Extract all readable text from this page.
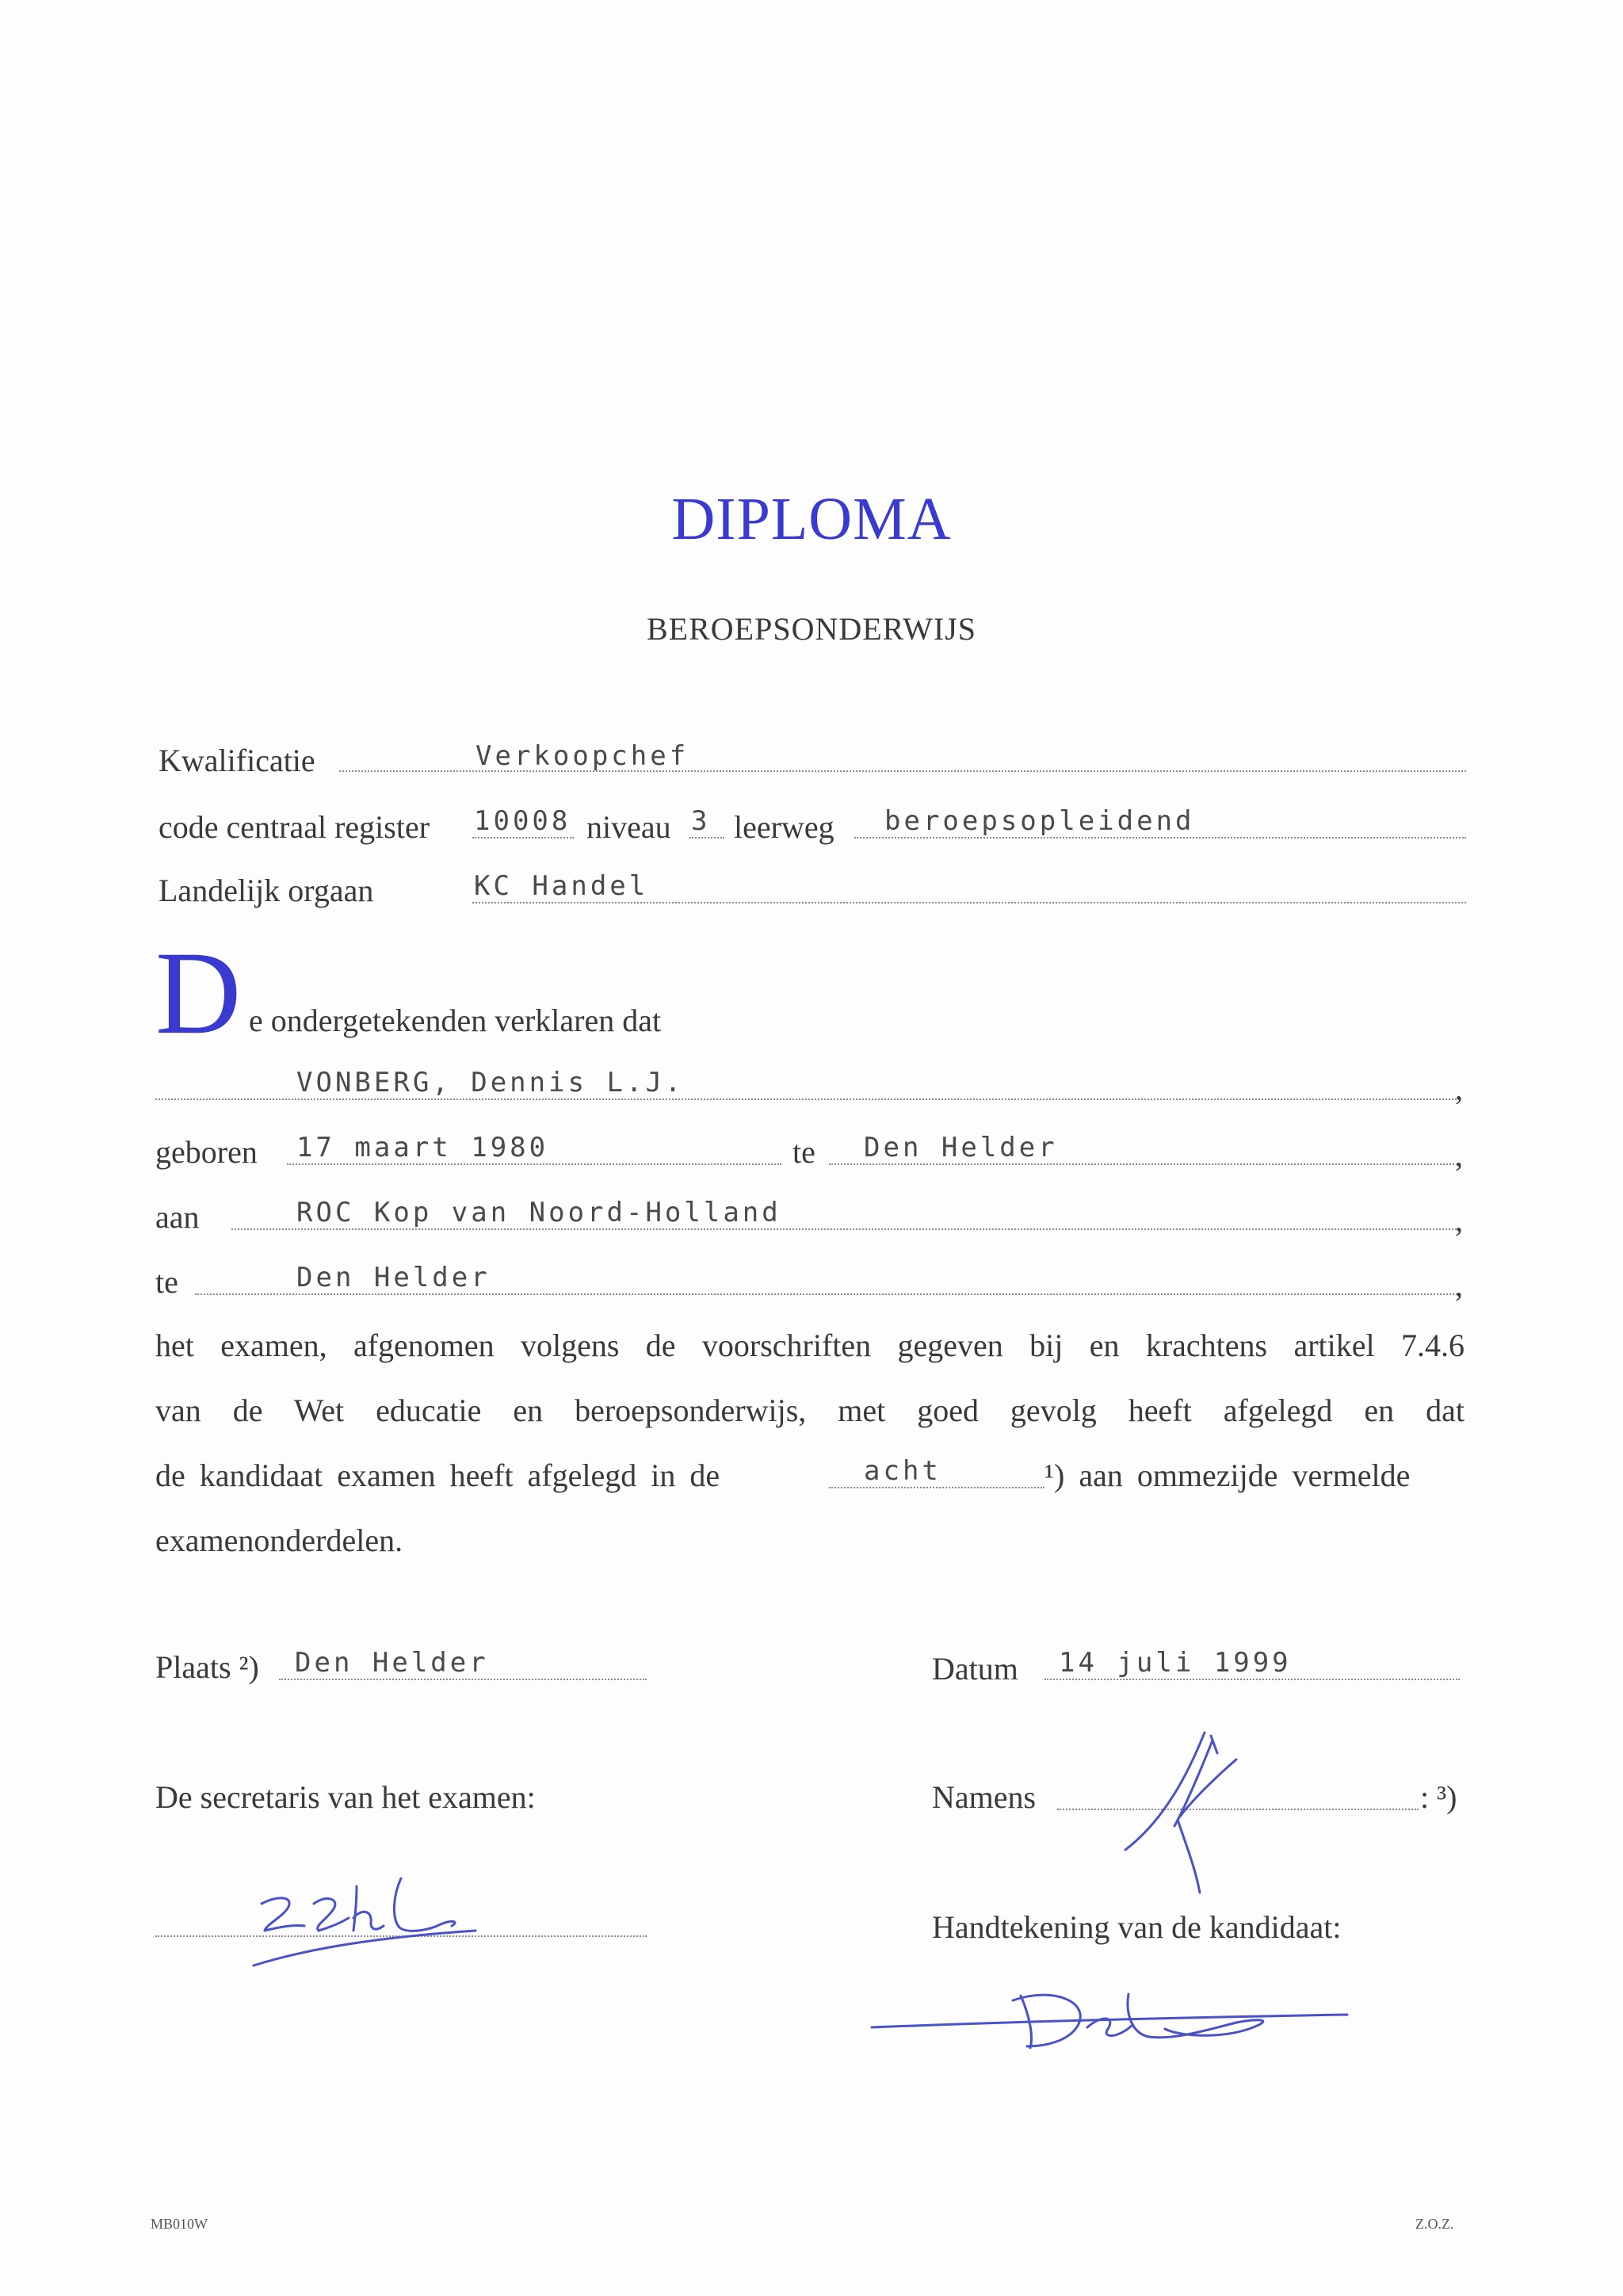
DIPLOMA
BEROEPSONDERWIJS
Kwalificatie	Verkoopchef
code centraal register 10008 niveau 3 leerweg beroepsopleidend
Landelijk orgaan	KC Handel
D e ondergetekenden verklaren dat
VONBERG, Dennis L.J.	,
geboren 17 maart 1980	te Den Helder	,
aan	ROC Kop van Noord-Holland	,
te	Den Helder	,
het examen, afgenomen volgens de voorschriften gegeven bij en krachtens artikel 7.4.6
van de Wet educatie en beroepsonderwijs, met goed gevolg heeft afgelegd en dat
de kandidaat examen heeft afgelegd in de	acht	¹) aan ommezijde vermelde
examenonderdelen.
Plaats ²) Den Helder	Datum 14 juli 1999
De secretaris van het examen:	Namens	: ³)
Handtekening van de kandidaat:
MB010W	Z.O.Z.
